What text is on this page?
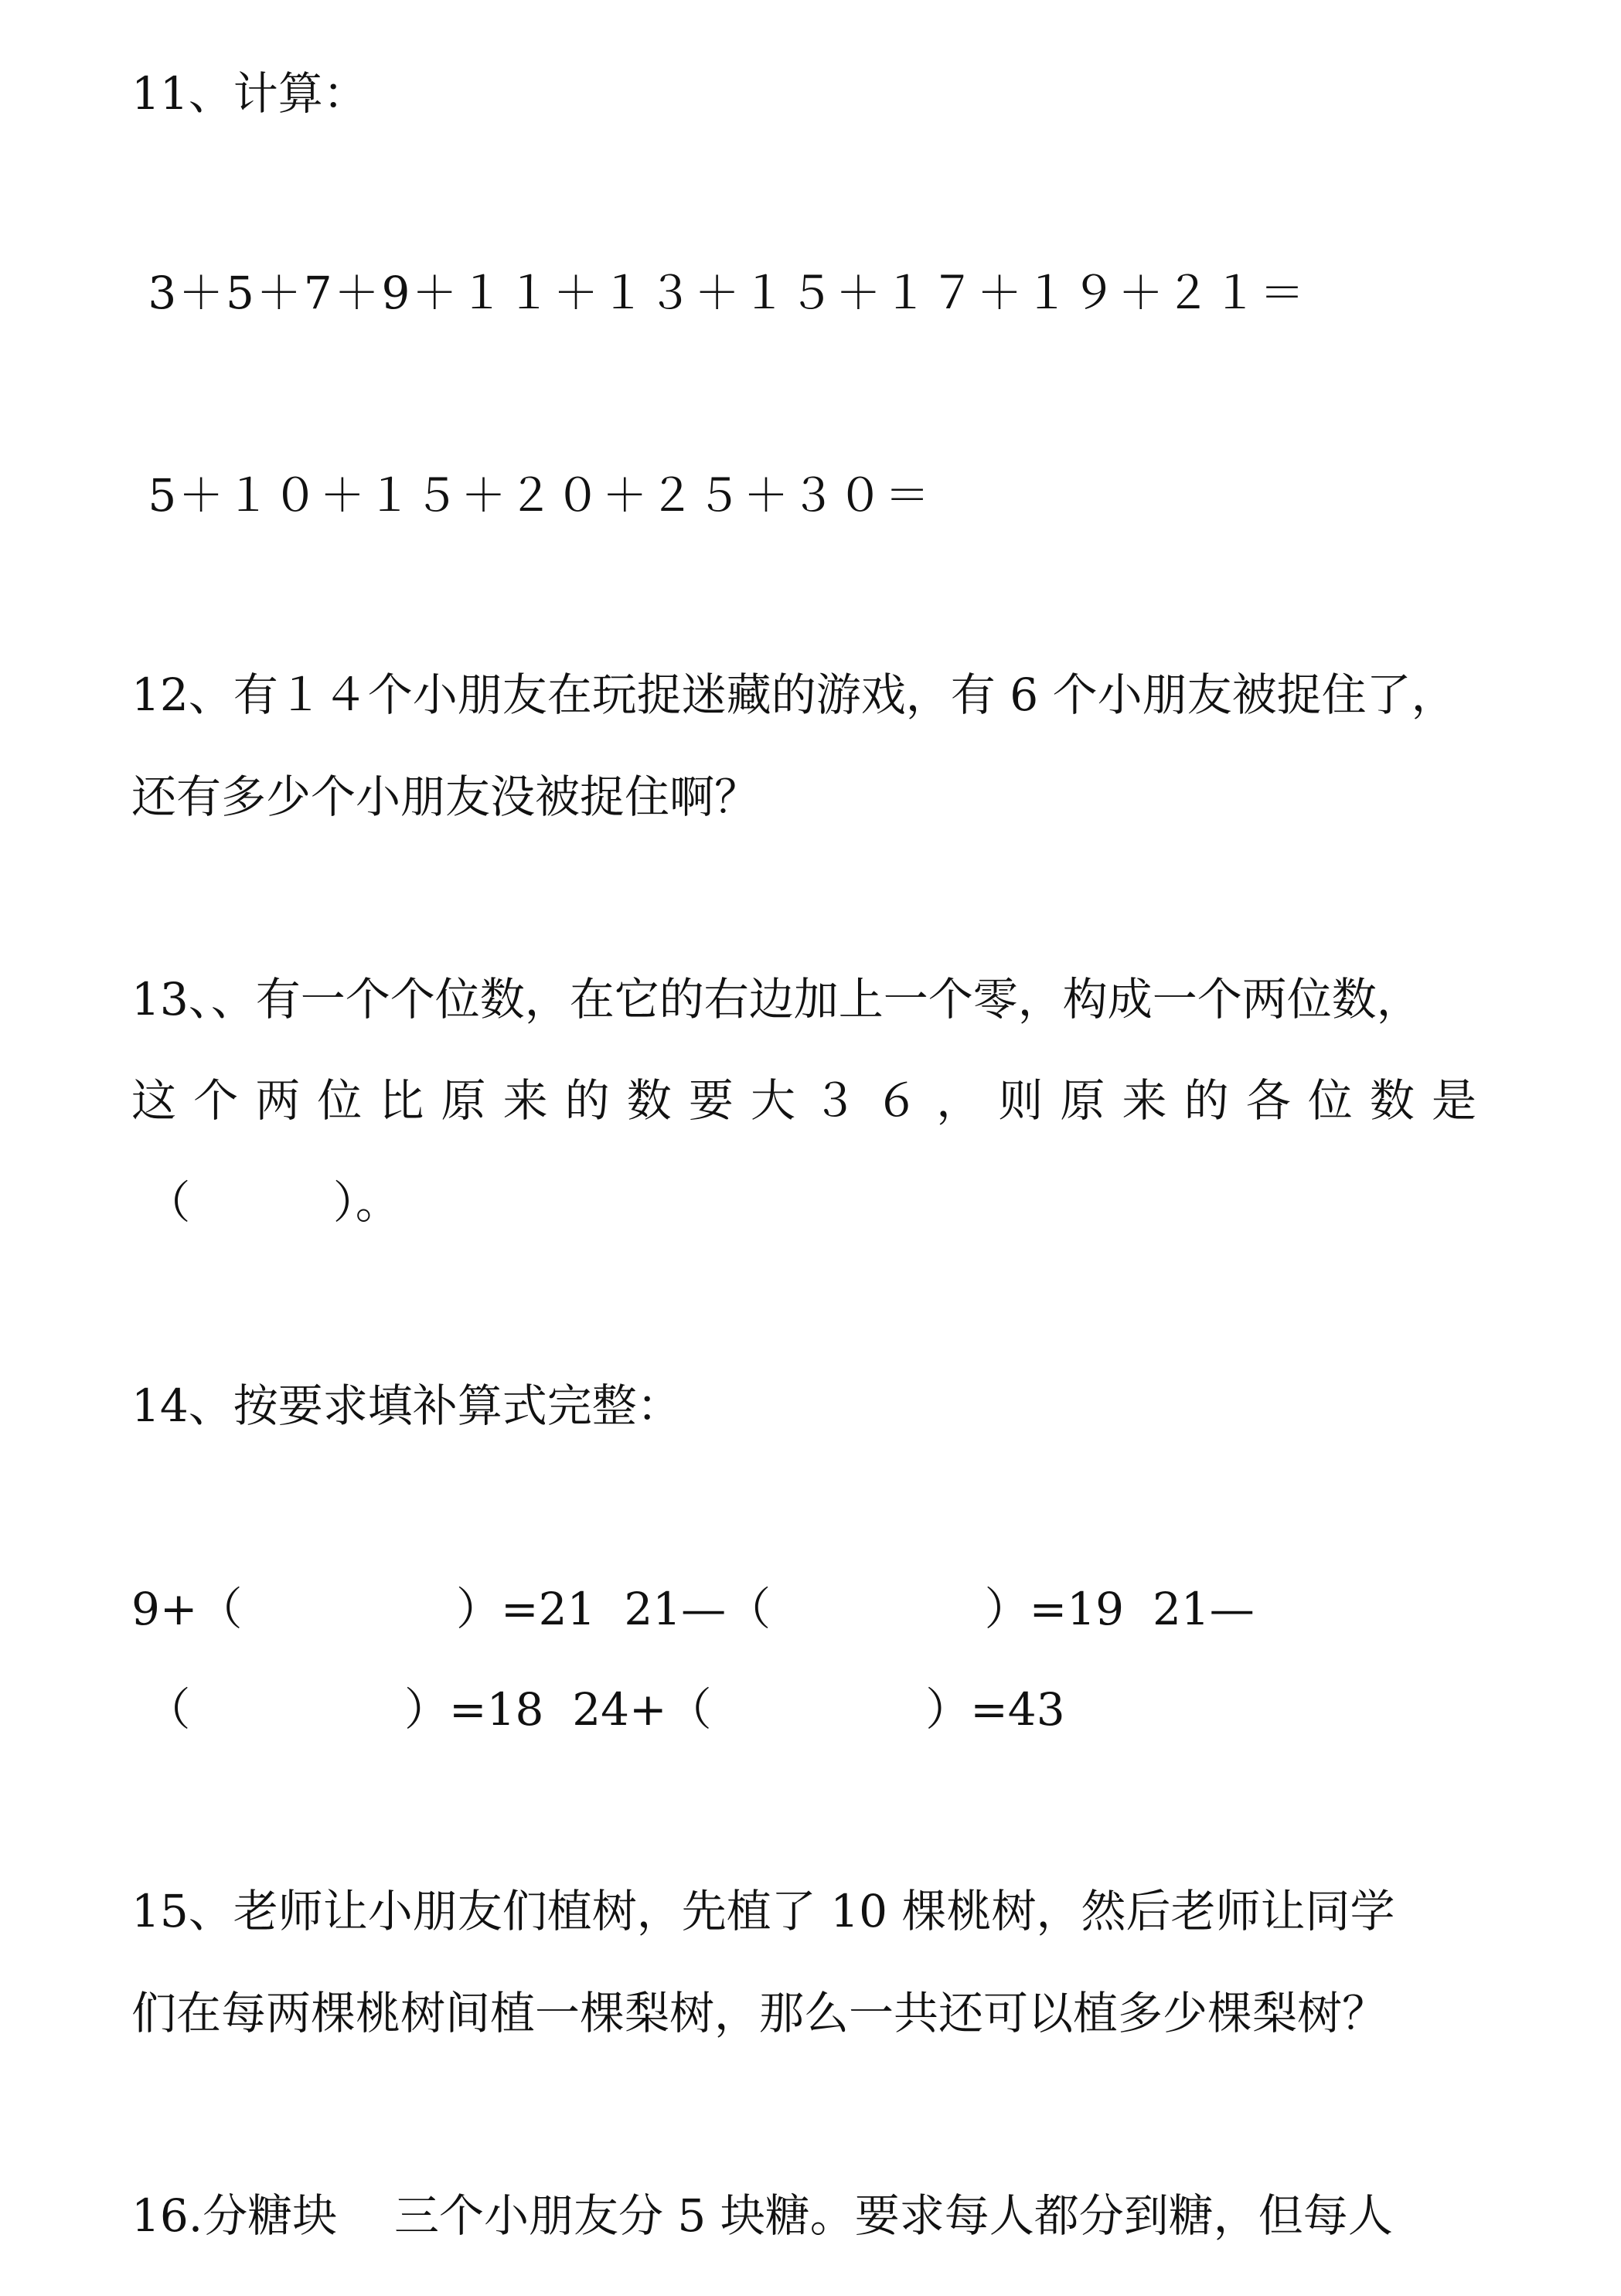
11、计算：
3＋5＋7＋9＋１１＋１３＋１５＋１７＋１９＋２１＝
5＋１０＋１５＋２０＋２５＋３０＝
12、有１４个小朋友在玩捉迷藏的游戏，有 6 个小朋友被捉住了，
还有多少个小朋友没被捉住啊？
13、、有一个个位数，在它的右边加上一个零，构成一个两位数，
这 个 两 位 比 原 来 的 数 要 大 ３ ６ ， 则 原 来 的 各 位 数 是
（          ）。
14、按要求填补算式完整：
9+（               ）=21  21—（               ）=19  21—
（               ）=18  24+（               ）=43
15、老师让小朋友们植树，先植了 10 棵桃树，然后老师让同学
们在每两棵桃树间植一棵梨树，那么一共还可以植多少棵梨树？
16.分糖块    三个小朋友分 5 块糖。要求每人都分到糖，但每人
